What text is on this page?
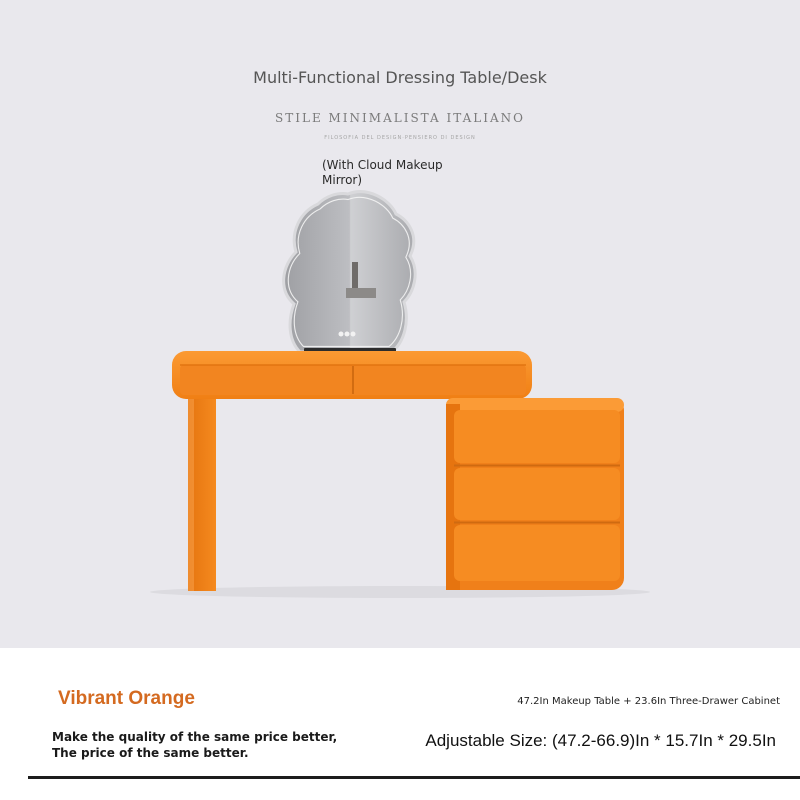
Multi-Functional Dressing Table/Desk
STILE MINIMALISTA ITALIANO
FILOSOFIA DEL DESIGN·PENSIERO DI DESIGN
(With Cloud Makeup Mirror)
Vibrant Orange	47.2In Makeup Table + 23.6In Three-Drawer Cabinet
Make the quality of the same price better,
The price of the same better.
Adjustable Size: (47.2-66.9)In * 15.7In * 29.5In
